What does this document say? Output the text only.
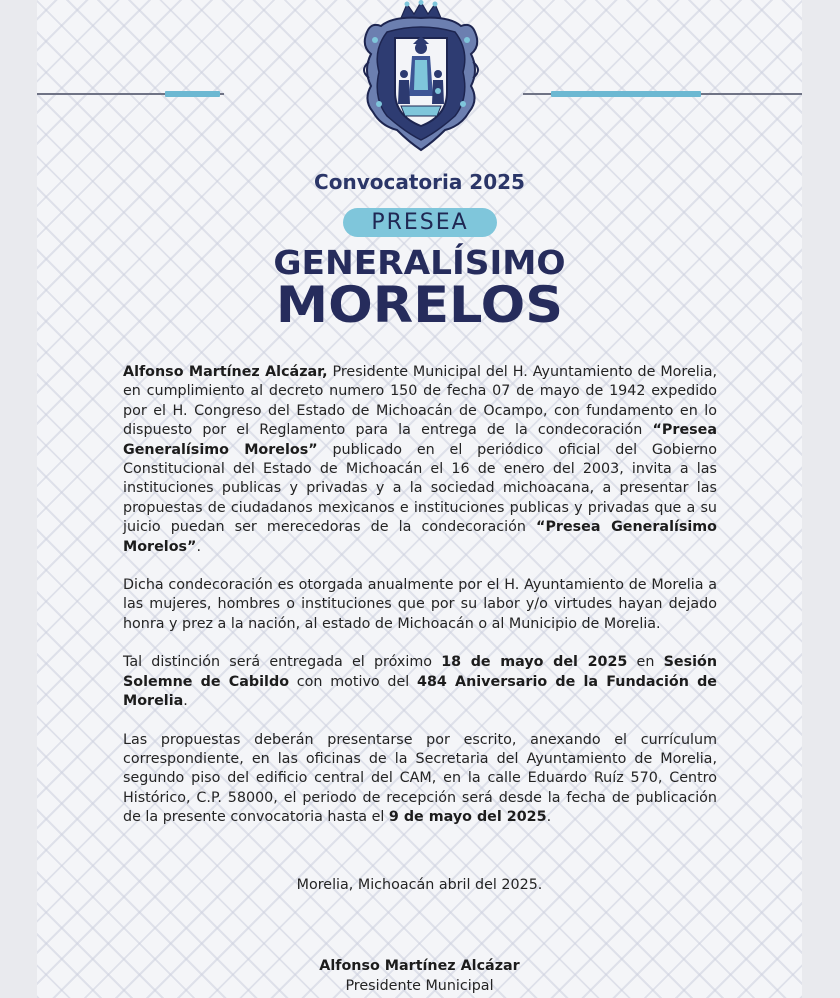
Convocatoria 2025
PRESEA
GENERALÍSIMO
MORELOS

Alfonso Martínez Alcázar, Presidente Municipal del H. Ayuntamiento de Morelia, en cumplimiento al decreto numero 150 de fecha 07 de mayo de 1942 expedido por el H. Congreso del Estado de Michoacán de Ocampo, con fundamento en lo dispuesto por el Reglamento para la entrega de la condecoración “Presea Generalísimo Morelos” publicado en el periódico oficial del Gobierno Constitucional del Estado de Michoacán el 16 de enero del 2003, invita a las instituciones publicas y privadas y a la sociedad michoacana, a presentar las propuestas de ciudadanos mexicanos e instituciones publicas y privadas que a su juicio puedan ser merecedoras de la condecoración “Presea Generalísimo Morelos”.

Dicha condecoración es otorgada anualmente por el H. Ayuntamiento de Morelia a las mujeres, hombres o instituciones que por su labor y/o virtudes hayan dejado honra y prez a la nación, al estado de Michoacán o al Municipio de Morelia.

Tal distinción será entregada el próximo 18 de mayo del 2025 en Sesión Solemne de Cabildo con motivo del 484 Aniversario de la Fundación de Morelia.

Las propuestas deberán presentarse por escrito, anexando el currículum correspondiente, en las oficinas de la Secretaria del Ayuntamiento de Morelia, segundo piso del edificio central del CAM, en la calle Eduardo Ruíz 570, Centro Histórico, C.P. 58000, el periodo de recepción será desde la fecha de publicación de la presente convocatoria hasta el 9 de mayo del 2025.

Morelia, Michoacán abril del 2025.
Alfonso Martínez Alcázar
Presidente Municipal
